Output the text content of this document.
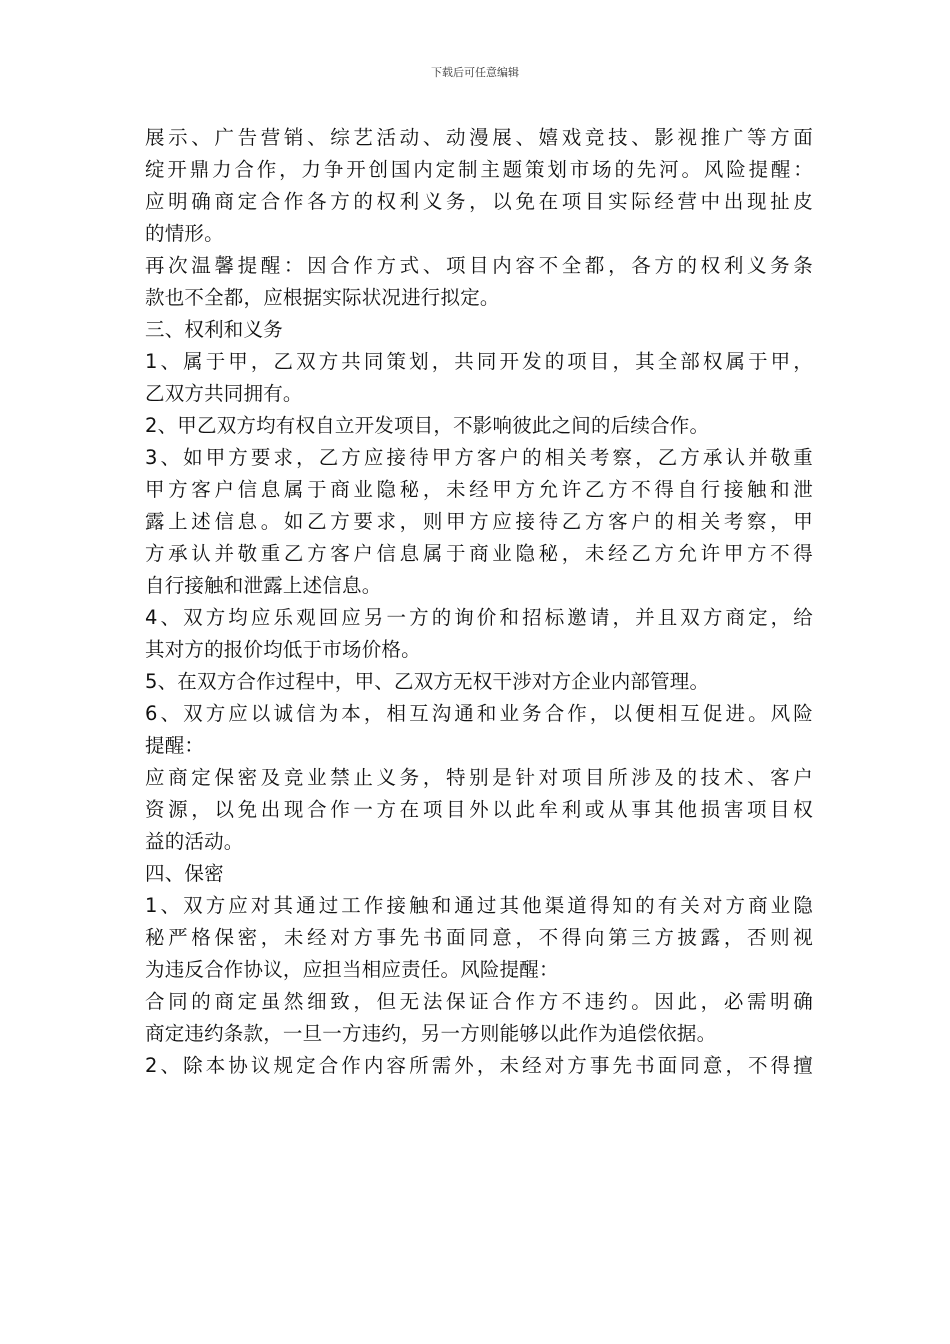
下载后可任意编辑
展示、广告营销、综艺活动、动漫展、嬉戏竞技、影视推广等方面
绽开鼎力合作，力争开创国内定制主题策划市场的先河。风险提醒：
应明确商定合作各方的权利义务，以免在项目实际经营中出现扯皮
的情形。
再次温馨提醒：因合作方式、项目内容不全都，各方的权利义务条
款也不全都，应根据实际状况进行拟定。
三、权利和义务
1、属于甲，乙双方共同策划，共同开发的项目，其全部权属于甲，
乙双方共同拥有。
2、甲乙双方均有权自立开发项目，不影响彼此之间的后续合作。
3、如甲方要求，乙方应接待甲方客户的相关考察，乙方承认并敬重
甲方客户信息属于商业隐秘，未经甲方允许乙方不得自行接触和泄
露上述信息。如乙方要求，则甲方应接待乙方客户的相关考察，甲
方承认并敬重乙方客户信息属于商业隐秘，未经乙方允许甲方不得
自行接触和泄露上述信息。
4、双方均应乐观回应另一方的询价和招标邀请，并且双方商定，给
其对方的报价均低于市场价格。
5、在双方合作过程中，甲、乙双方无权干涉对方企业内部管理。
6、双方应以诚信为本，相互沟通和业务合作，以便相互促进。风险
提醒：
应商定保密及竞业禁止义务，特别是针对项目所涉及的技术、客户
资源，以免出现合作一方在项目外以此牟利或从事其他损害项目权
益的活动。
四、保密
1、双方应对其通过工作接触和通过其他渠道得知的有关对方商业隐
秘严格保密，未经对方事先书面同意，不得向第三方披露，否则视
为违反合作协议，应担当相应责任。风险提醒：
合同的商定虽然细致，但无法保证合作方不违约。因此，必需明确
商定违约条款，一旦一方违约，另一方则能够以此作为追偿依据。
2、除本协议规定合作内容所需外，未经对方事先书面同意，不得擅
